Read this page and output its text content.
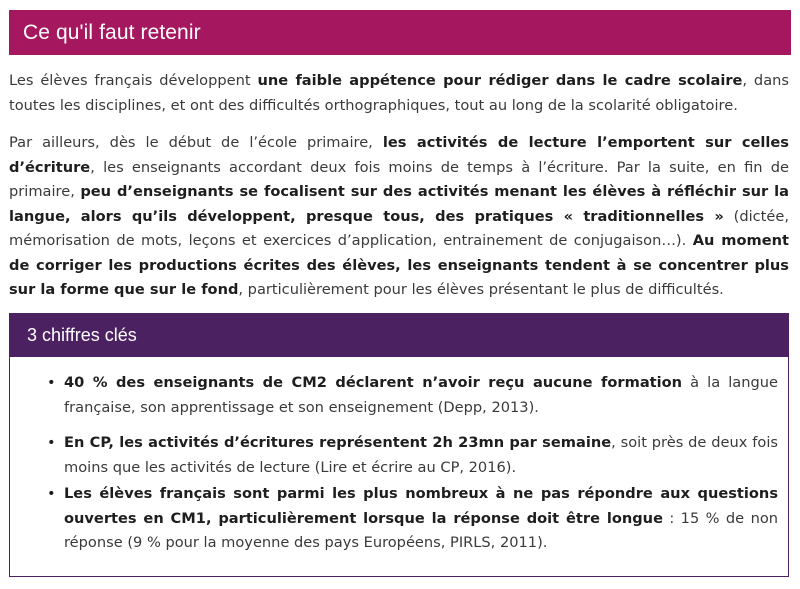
Ce qu'il faut retenir

Les élèves français développent une faible appétence pour rédiger dans le cadre scolaire, dans toutes les disciplines, et ont des difficultés orthographiques, tout au long de la scolarité obligatoire.

Par ailleurs, dès le début de l’école primaire, les activités de lecture l’emportent sur celles d’écriture, les enseignants accordant deux fois moins de temps à l’écriture. Par la suite, en fin de primaire, peu d’enseignants se focalisent sur des activités menant les élèves à réfléchir sur la langue, alors qu’ils développent, presque tous, des pratiques « traditionnelles » (dictée, mémorisation de mots, leçons et exercices d’application, entrainement de conjugaison…). Au moment de corriger les productions écrites des élèves, les enseignants tendent à se concentrer plus sur la forme que sur le fond, particulièrement pour les élèves présentant le plus de difficultés.

3 chiffres clés
• 40 % des enseignants de CM2 déclarent n’avoir reçu aucune formation à la langue française, son apprentissage et son enseignement (Depp, 2013).
• En CP, les activités d’écritures représentent 2h 23mn par semaine, soit près de deux fois moins que les activités de lecture (Lire et écrire au CP, 2016).
• Les élèves français sont parmi les plus nombreux à ne pas répondre aux questions ouvertes en CM1, particulièrement lorsque la réponse doit être longue : 15 % de non réponse (9 % pour la moyenne des pays Européens, PIRLS, 2011).
